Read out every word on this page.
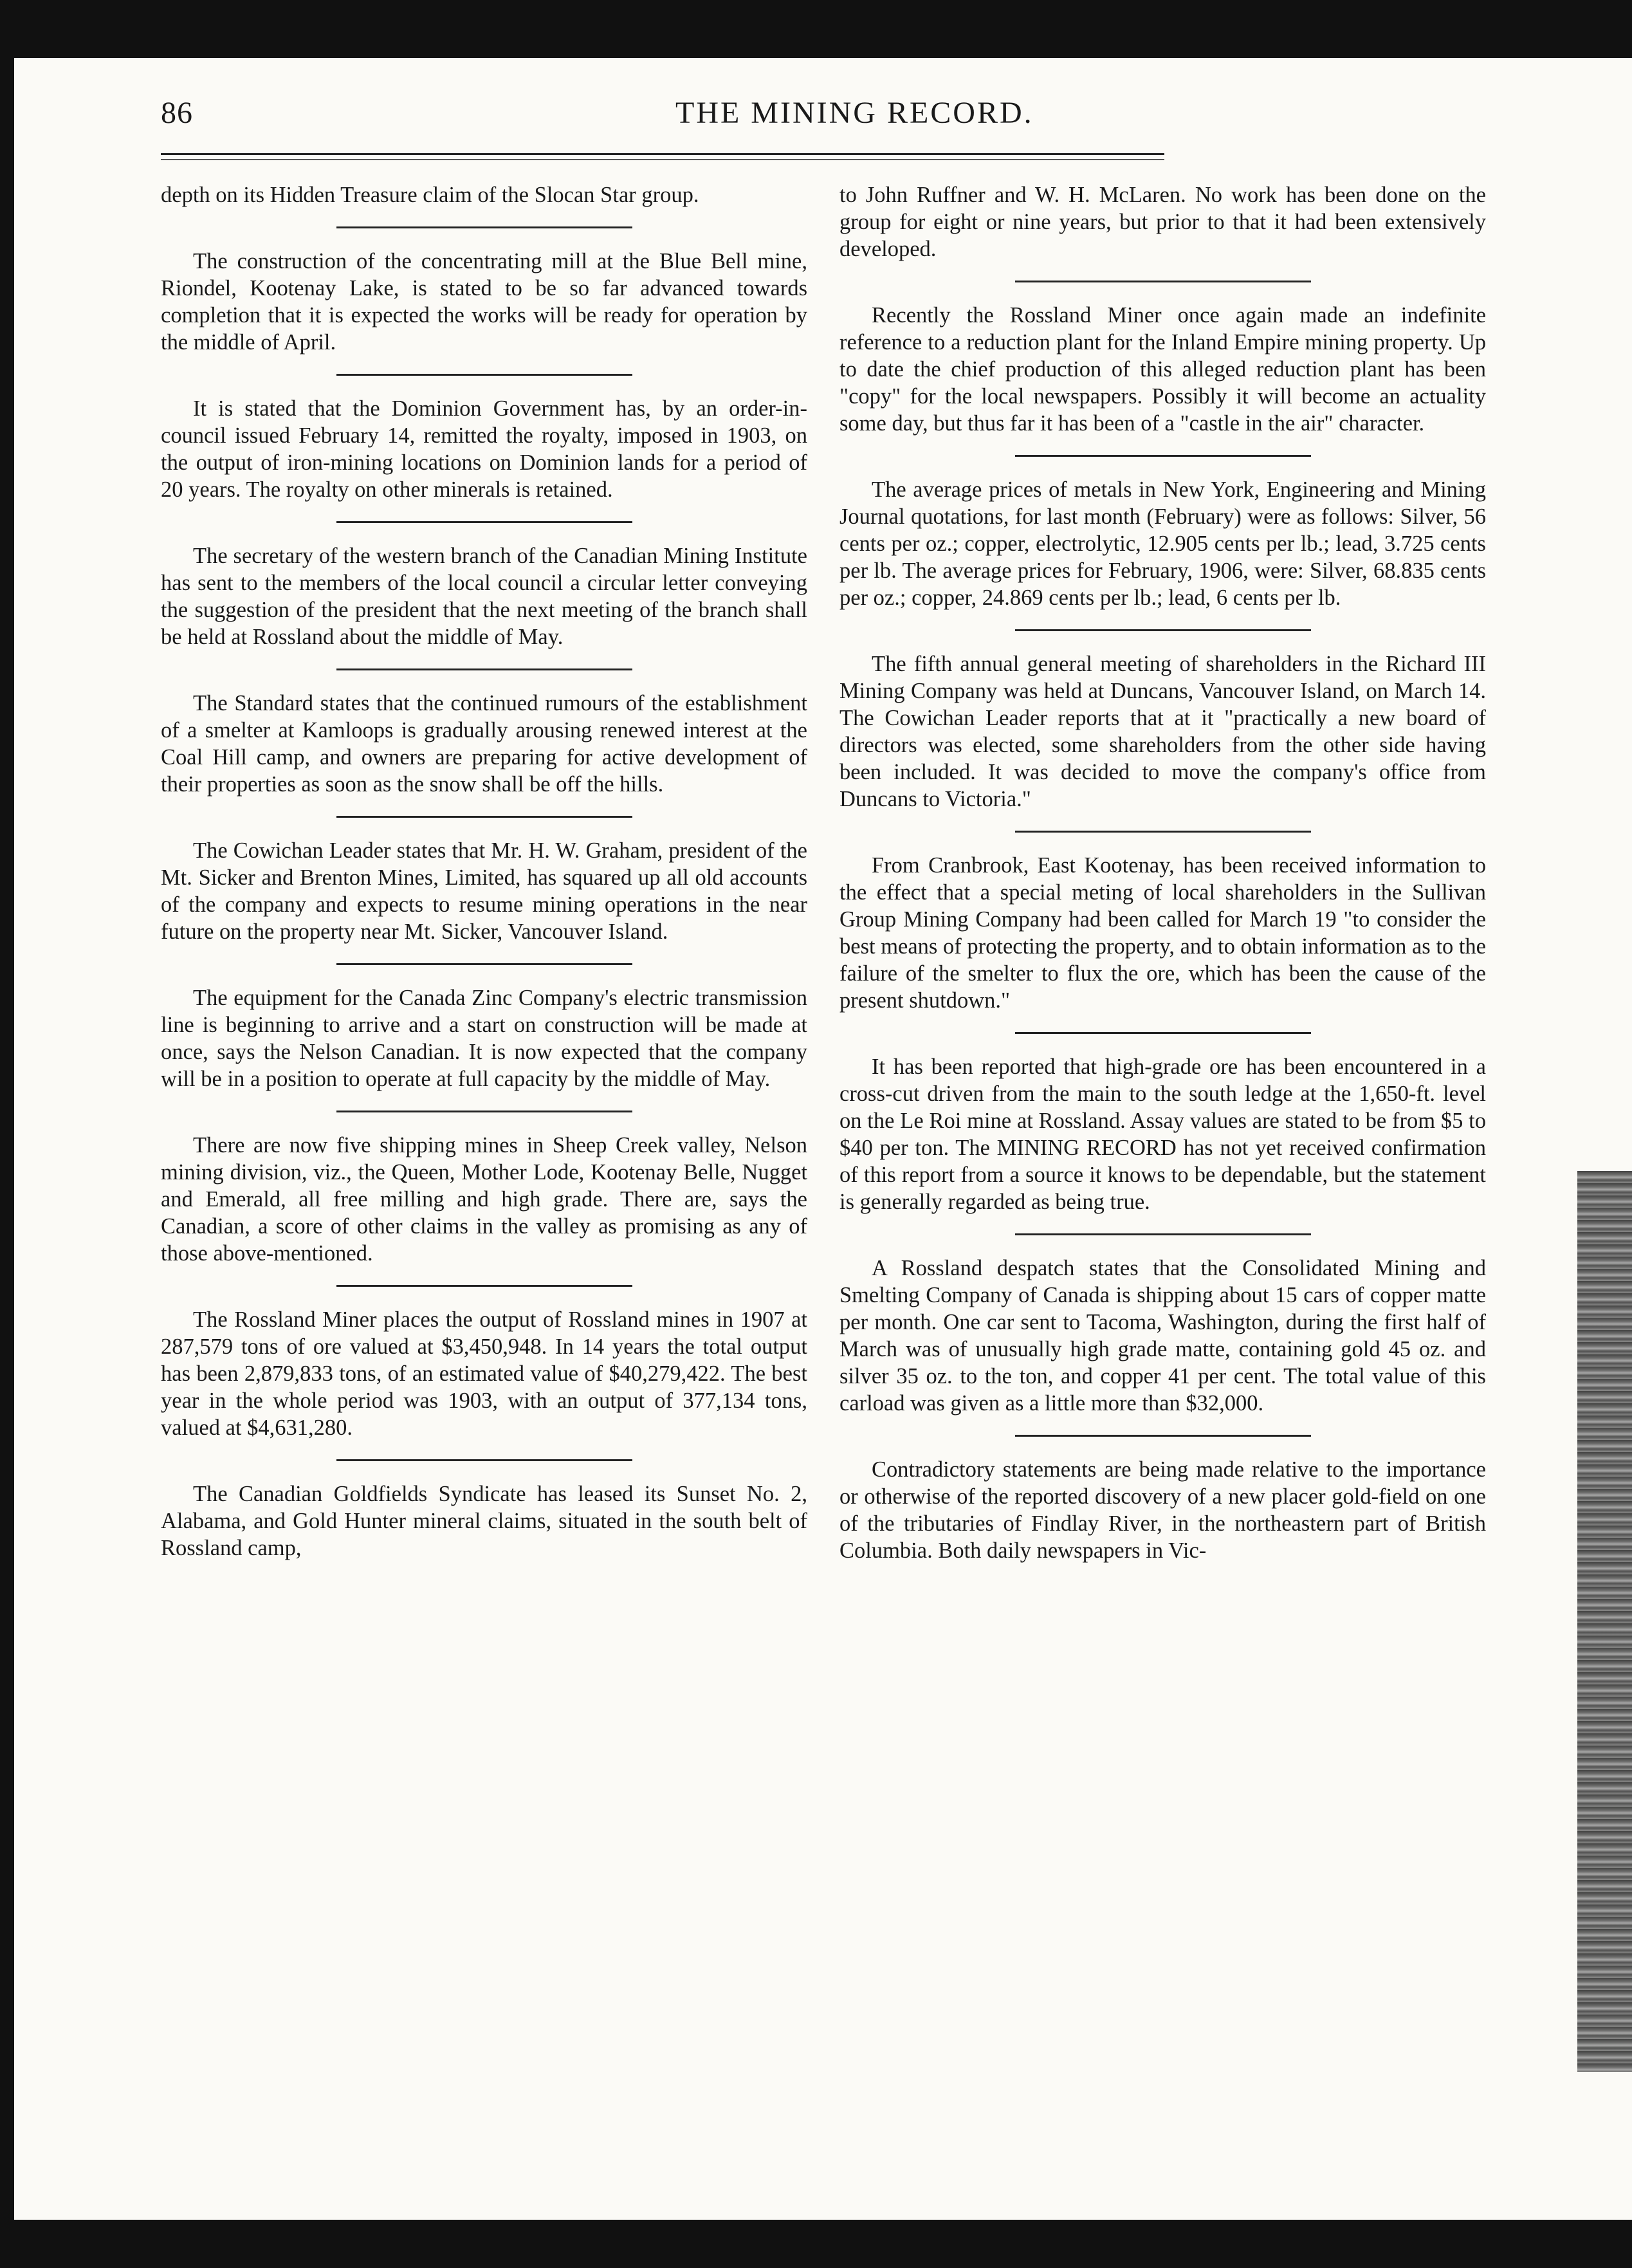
86	THE MINING RECORD.

depth on its Hidden Treasure claim of the Slocan Star group.

The construction of the concentrating mill at the Blue Bell mine, Riondel, Kootenay Lake, is stated to be so far advanced towards completion that it is expected the works will be ready for operation by the middle of April.

It is stated that the Dominion Government has, by an order-in-council issued February 14, remitted the royalty, imposed in 1903, on the output of iron-mining locations on Dominion lands for a period of 20 years. The royalty on other minerals is retained.

The secretary of the western branch of the Canadian Mining Institute has sent to the members of the local council a circular letter conveying the suggestion of the president that the next meeting of the branch shall be held at Rossland about the middle of May.

The Standard states that the continued rumours of the establishment of a smelter at Kamloops is gradually arousing renewed interest at the Coal Hill camp, and owners are preparing for active development of their properties as soon as the snow shall be off the hills.

The Cowichan Leader states that Mr. H. W. Graham, president of the Mt. Sicker and Brenton Mines, Limited, has squared up all old accounts of the company and expects to resume mining operations in the near future on the property near Mt. Sicker, Vancouver Island.

The equipment for the Canada Zinc Company's electric transmission line is beginning to arrive and a start on construction will be made at once, says the Nelson Canadian. It is now expected that the company will be in a position to operate at full capacity by the middle of May.

There are now five shipping mines in Sheep Creek valley, Nelson mining division, viz., the Queen, Mother Lode, Kootenay Belle, Nugget and Emerald, all free milling and high grade. There are, says the Canadian, a score of other claims in the valley as promising as any of those above-mentioned.

The Rossland Miner places the output of Rossland mines in 1907 at 287,579 tons of ore valued at $3,450,948. In 14 years the total output has been 2,879,833 tons, of an estimated value of $40,279,422. The best year in the whole period was 1903, with an output of 377,134 tons, valued at $4,631,280.

The Canadian Goldfields Syndicate has leased its Sunset No. 2, Alabama, and Gold Hunter mineral claims, situated in the south belt of Rossland camp,

to John Ruffner and W. H. McLaren. No work has been done on the group for eight or nine years, but prior to that it had been extensively developed.

Recently the Rossland Miner once again made an indefinite reference to a reduction plant for the Inland Empire mining property. Up to date the chief production of this alleged reduction plant has been "copy" for the local newspapers. Possibly it will become an actuality some day, but thus far it has been of a "castle in the air" character.

The average prices of metals in New York, Engineering and Mining Journal quotations, for last month (February) were as follows: Silver, 56 cents per oz.; copper, electrolytic, 12.905 cents per lb.; lead, 3.725 cents per lb. The average prices for February, 1906, were: Silver, 68.835 cents per oz.; copper, 24.869 cents per lb.; lead, 6 cents per lb.

The fifth annual general meeting of shareholders in the Richard III Mining Company was held at Duncans, Vancouver Island, on March 14. The Cowichan Leader reports that at it "practically a new board of directors was elected, some shareholders from the other side having been included. It was decided to move the company's office from Duncans to Victoria."

From Cranbrook, East Kootenay, has been received information to the effect that a special meting of local shareholders in the Sullivan Group Mining Company had been called for March 19 "to consider the best means of protecting the property, and to obtain information as to the failure of the smelter to flux the ore, which has been the cause of the present shutdown."

It has been reported that high-grade ore has been encountered in a cross-cut driven from the main to the south ledge at the 1,650-ft. level on the Le Roi mine at Rossland. Assay values are stated to be from $5 to $40 per ton. The MINING RECORD has not yet received confirmation of this report from a source it knows to be dependable, but the statement is generally regarded as being true.

A Rossland despatch states that the Consolidated Mining and Smelting Company of Canada is shipping about 15 cars of copper matte per month. One car sent to Tacoma, Washington, during the first half of March was of unusually high grade matte, containing gold 45 oz. and silver 35 oz. to the ton, and copper 41 per cent. The total value of this carload was given as a little more than $32,000.

Contradictory statements are being made relative to the importance or otherwise of the reported discovery of a new placer gold-field on one of the tributaries of Findlay River, in the northeastern part of British Columbia. Both daily newspapers in Vic-
